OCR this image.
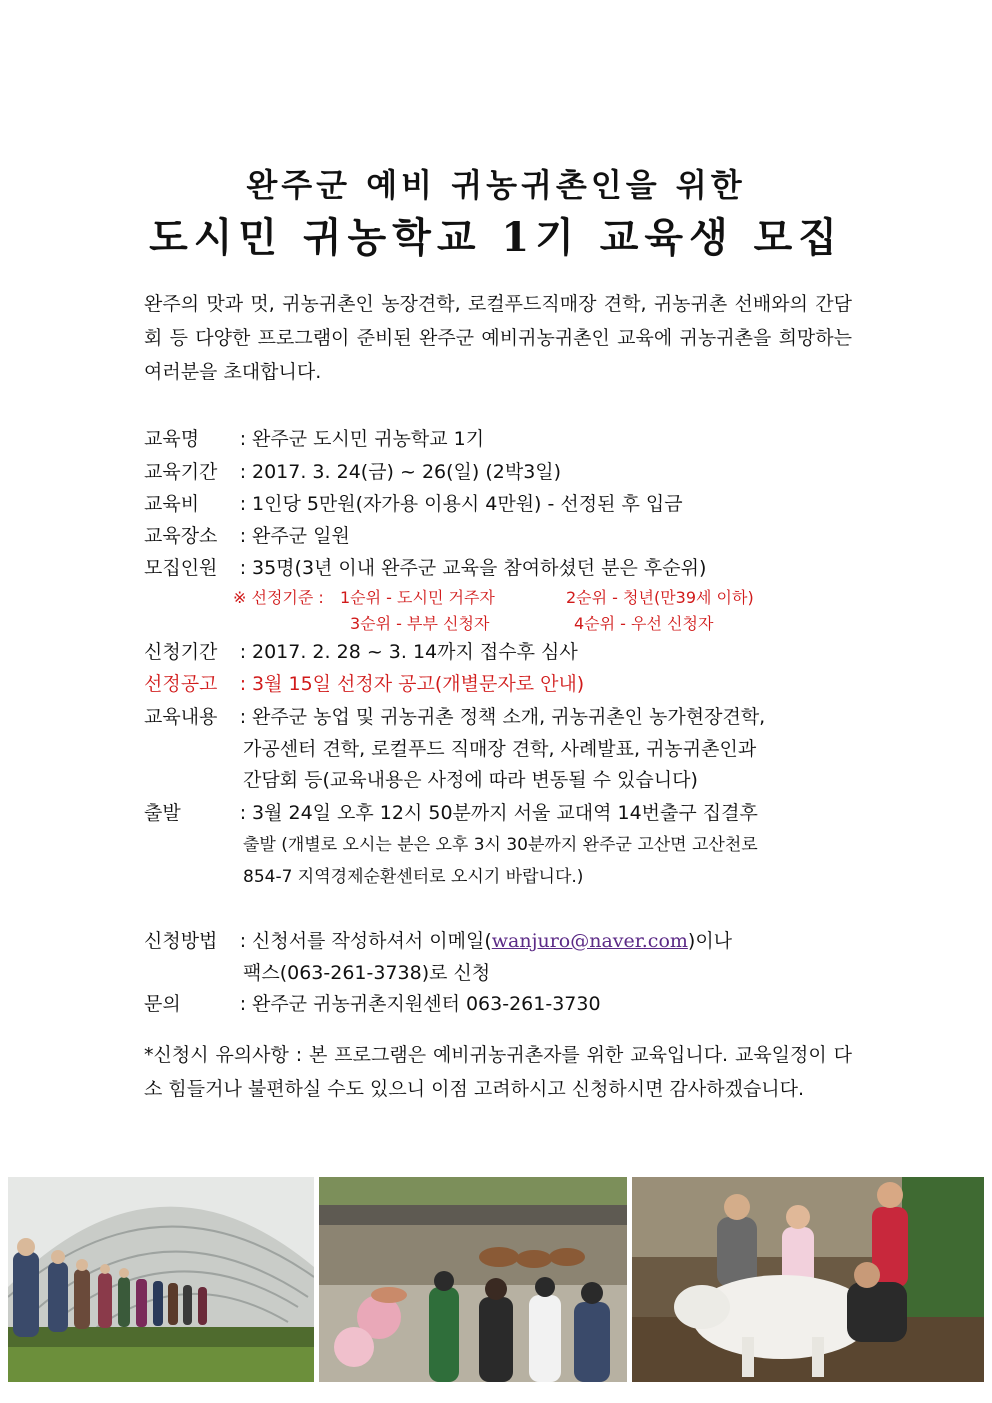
완주군 예비 귀농귀촌인을 위한
도시민 귀농학교 1기 교육생 모집
완주의 맛과 멋, 귀농귀촌인 농장견학, 로컬푸드직매장 견학, 귀농귀촌 선배와의 간담회 등 다양한 프로그램이 준비된 완주군 예비귀농귀촌인 교육에 귀농귀촌을 희망하는 여러분을 초대합니다.
교육명 : 완주군 도시민 귀농학교 1기
교육기간 : 2017. 3. 24(금) ~ 26(일) (2박3일)
교육비 : 1인당 5만원(자가용 이용시 4만원) - 선정된 후 입금
교육장소 : 완주군 일원
모집인원 : 35명(3년 이내 완주군 교육을 참여하셨던 분은 후순위)
※ 선정기준 : 1순위 - 도시민 거주자	2순위 - 청년(만39세 이하)
3순위 - 부부 신청자	4순위 - 우선 신청자
신청기간 : 2017. 2. 28 ~ 3. 14까지 접수후 심사
선정공고 : 3월 15일 선정자 공고(개별문자로 안내)
교육내용 : 완주군 농업 및 귀농귀촌 정책 소개, 귀농귀촌인 농가현장견학,
가공센터 견학, 로컬푸드 직매장 견학, 사례발표, 귀농귀촌인과
간담회 등(교육내용은 사정에 따라 변동될 수 있습니다)
출발	: 3월 24일 오후 12시 50분까지 서울 교대역 14번출구 집결후
출발 (개별로 오시는 분은 오후 3시 30분까지 완주군 고산면 고산천로
854-7 지역경제순환센터로 오시기 바랍니다.)
신청방법 : 신청서를 작성하셔서 이메일(wanjuro@naver.com)이나
팩스(063-261-3738)로 신청
문의	: 완주군 귀농귀촌지원센터 063-261-3730
*신청시 유의사항 : 본 프로그램은 예비귀농귀촌자를 위한 교육입니다. 교육일정이 다소 힘들거나 불편하실 수도 있으니 이점 고려하시고 신청하시면 감사하겠습니다.
